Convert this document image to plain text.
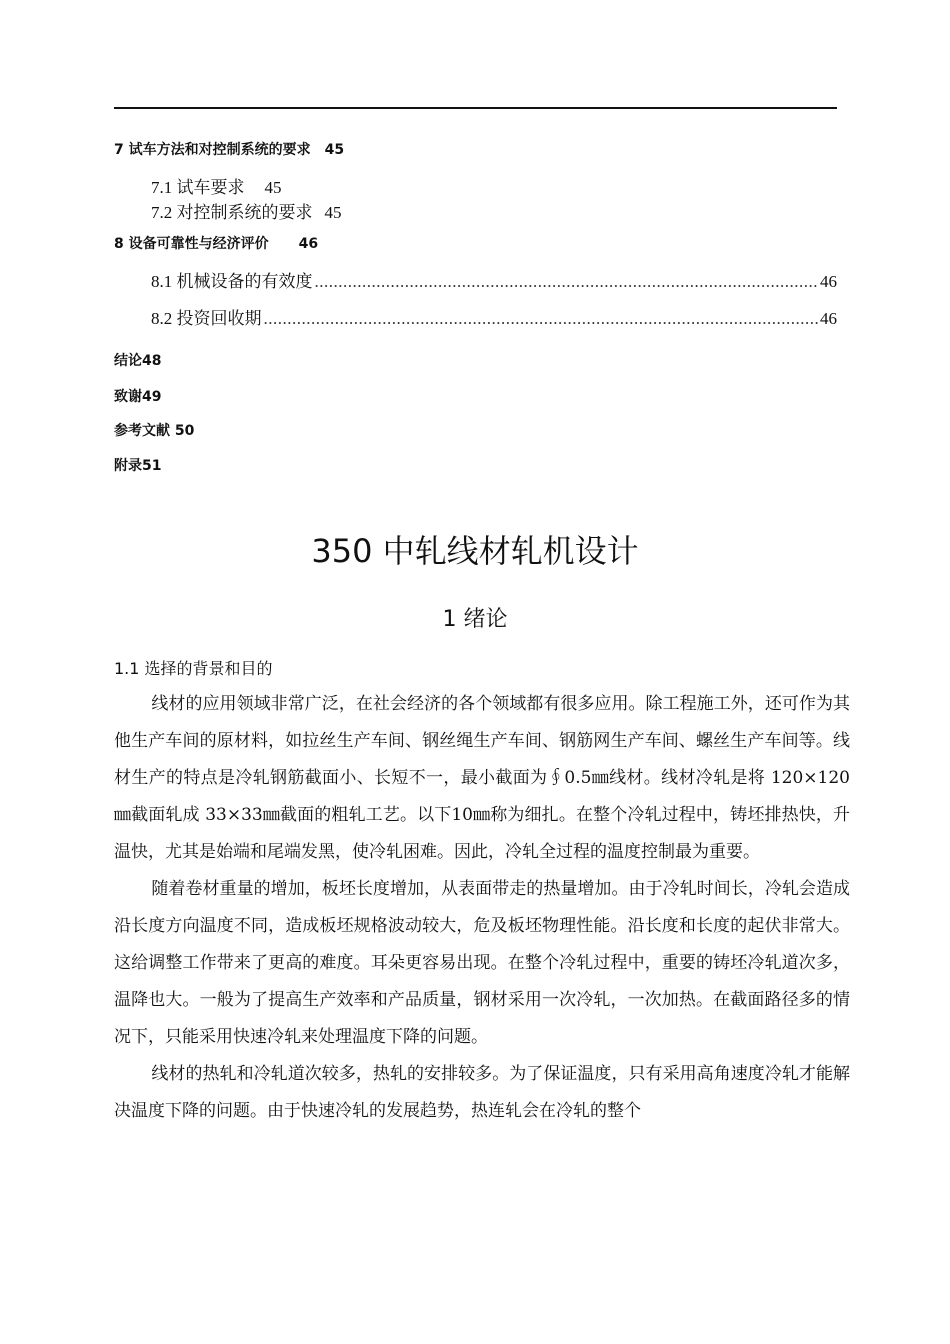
7 试车方法和对控制系统的要求 45
7.1 试车要求 45
7.2 对控制系统的要求 45
8 设备可靠性与经济评价 46
8.1 机械设备的有效度 .....	46
8.2 投资回收期 .....	46
结论48
致谢49
参考文献 50
附录51
350 中轧线材轧机设计
1 绪论
1.1 选择的背景和目的

线材的应用领域非常广泛，在社会经济的各个领域都有很多应用。除工程施工外，还可作为其他生产车间的原材料，如拉丝生产车间、钢丝绳生产车间、钢筋网生产车间、螺丝生产车间等。线材生产的特点是冷轧钢筋截面小、长短不一，最小截面为∮0.5㎜线材。线材冷轧是将 120×120㎜截面轧成 33×33㎜截面的粗轧工艺。以下10㎜称为细扎。在整个冷轧过程中，铸坯排热快，升温快，尤其是始端和尾端发黑，使冷轧困难。因此，冷轧全过程的温度控制最为重要。

随着卷材重量的增加，板坯长度增加，从表面带走的热量增加。由于冷轧时间长，冷轧会造成沿长度方向温度不同，造成板坯规格波动较大，危及板坯物理性能。沿长度和长度的起伏非常大。这给调整工作带来了更高的难度。耳朵更容易出现。在整个冷轧过程中，重要的铸坯冷轧道次多，温降也大。一般为了提高生产效率和产品质量，钢材采用一次冷轧，一次加热。在截面路径多的情况下，只能采用快速冷轧来处理温度下降的问题。

线材的热轧和冷轧道次较多，热轧的安排较多。为了保证温度，只有采用高角速度冷轧才能解决温度下降的问题。由于快速冷轧的发展趋势，热连轧会在冷轧的整个
